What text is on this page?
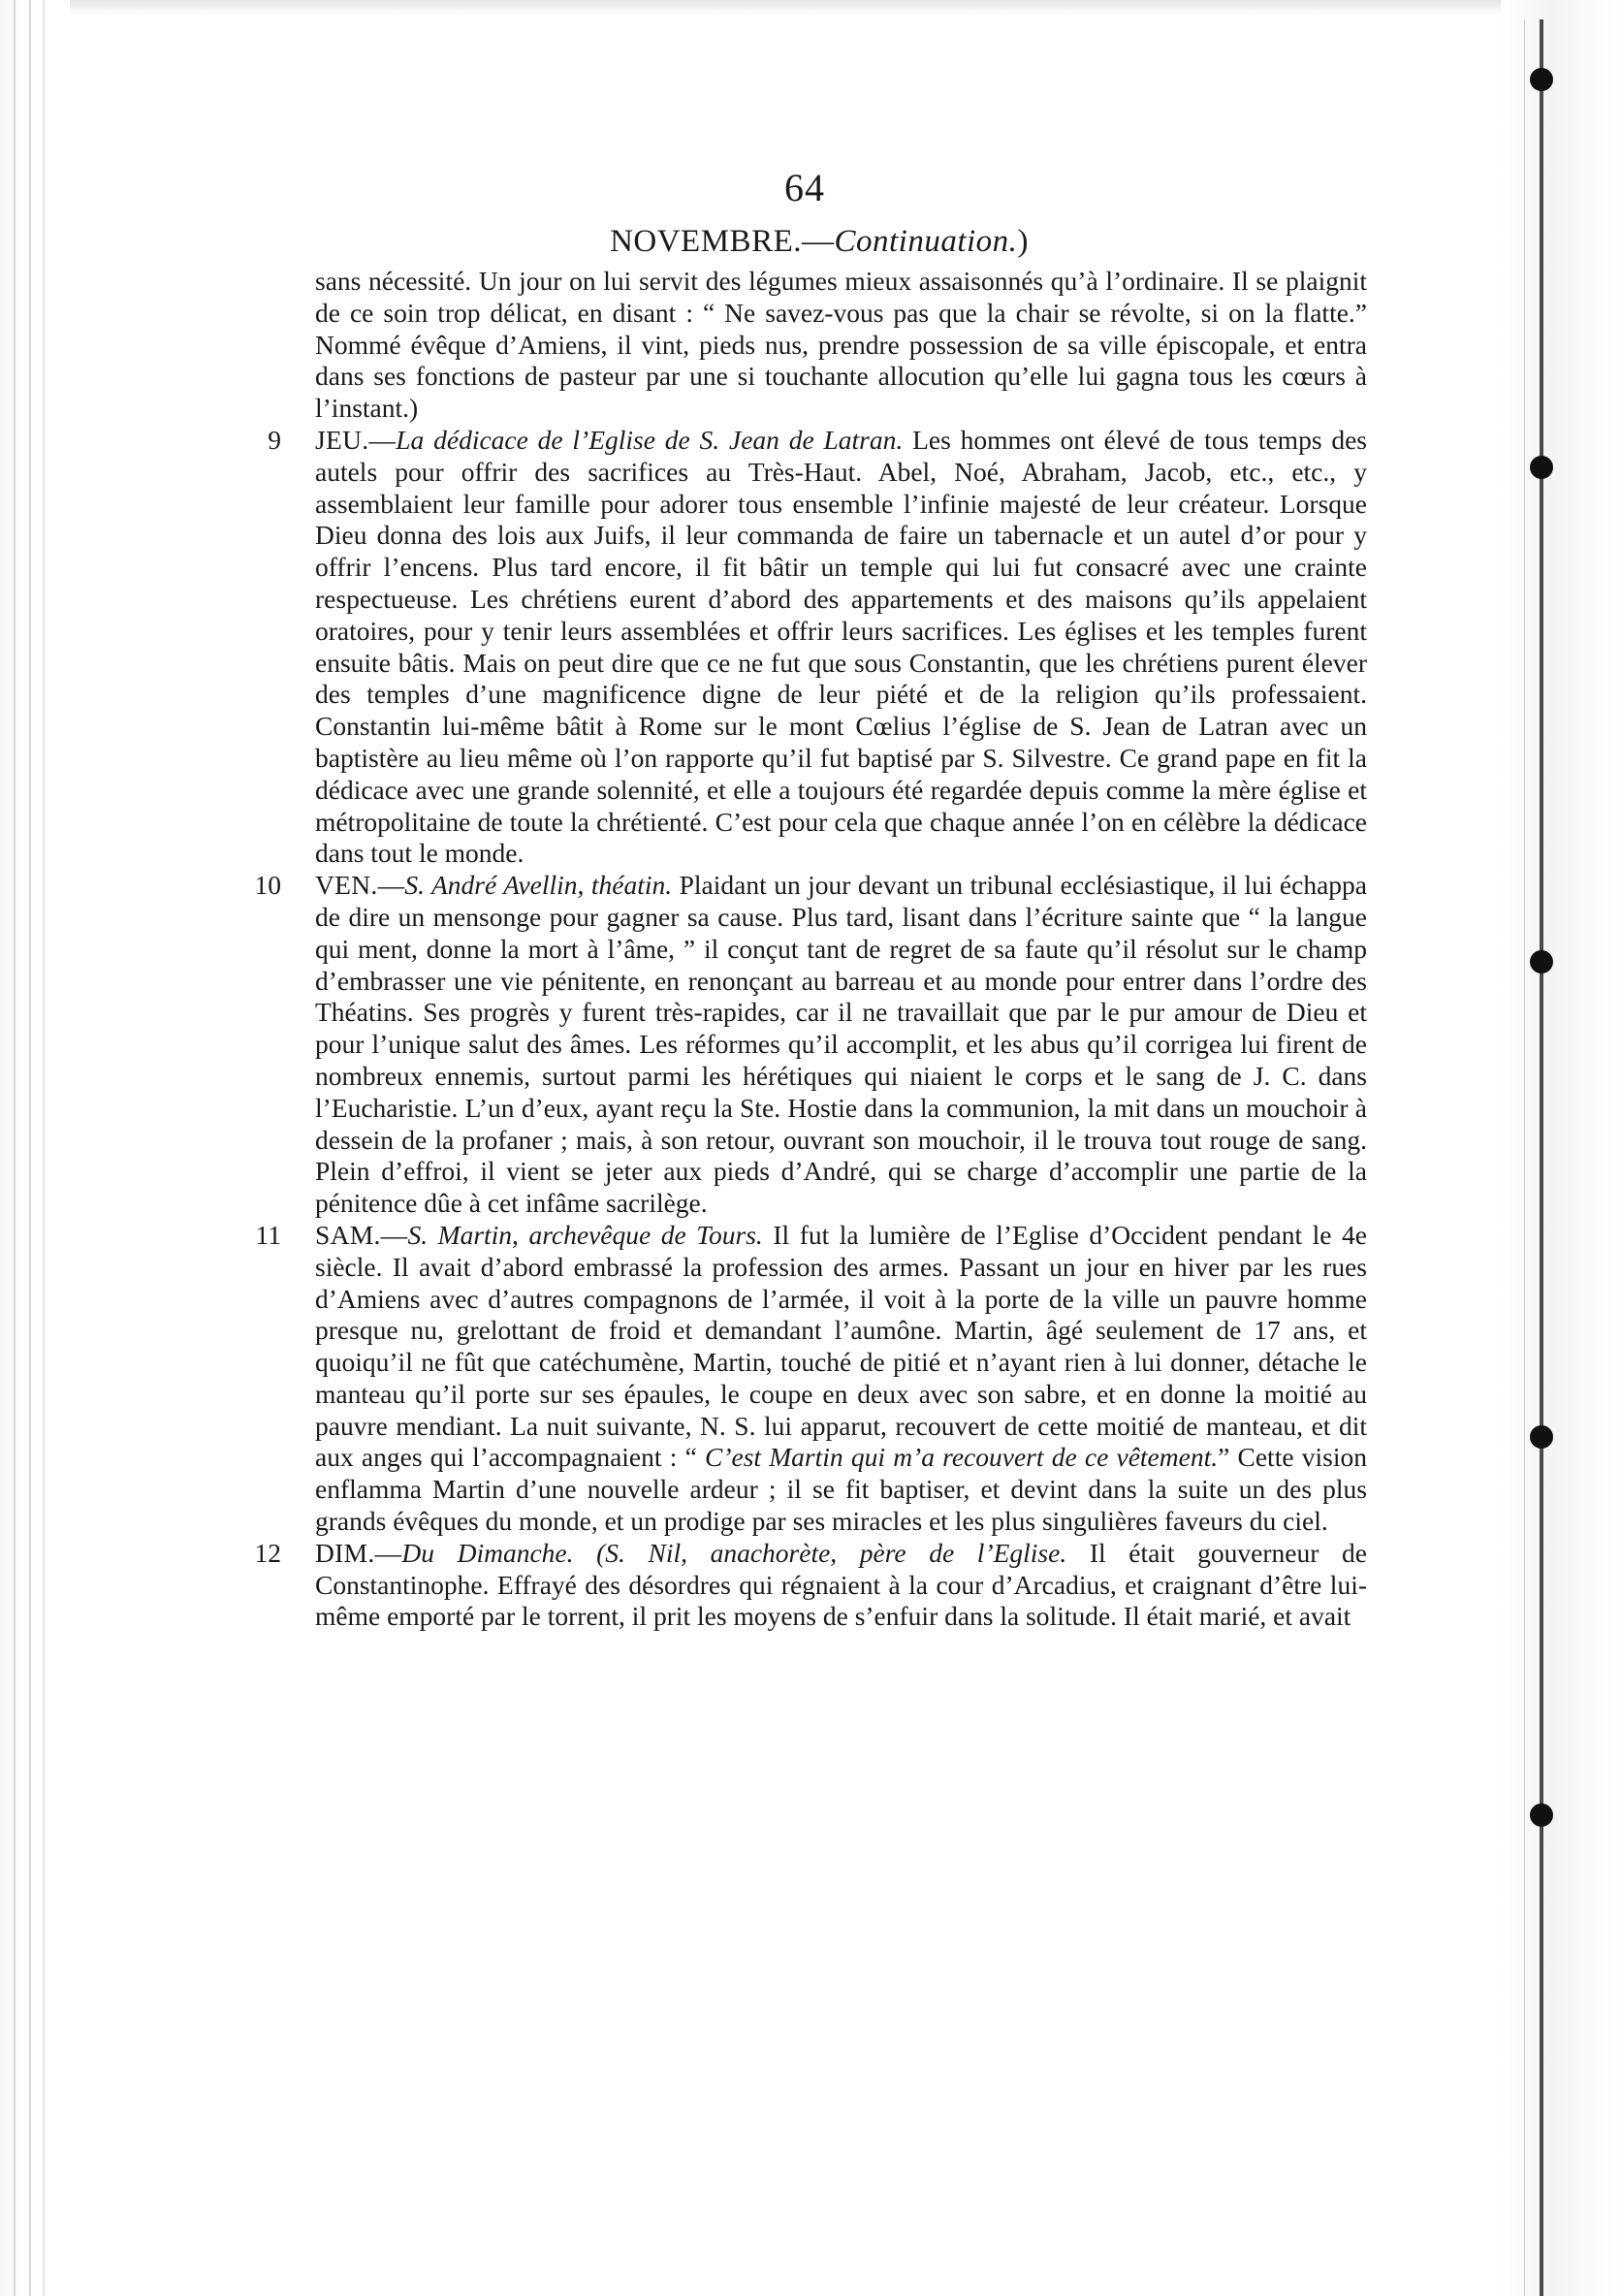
64
NOVEMBRE.—Continuation.)

sans nécessité. Un jour on lui servit des légumes mieux assaisonnés qu’à l’ordinaire. Il se plaignit de ce soin trop délicat, en disant : “ Ne savez-vous pas que la chair se révolte, si on la flatte.” Nommé évêque d’Amiens, il vint, pieds nus, prendre possession de sa ville épiscopale, et entra dans ses fonctions de pasteur par une si touchante allocution qu’elle lui gagna tous les cœurs à l’instant.)

9 JEU.—La dédicace de l’Eglise de S. Jean de Latran. Les hommes ont élevé de tous temps des autels pour offrir des sacrifices au Très-Haut. Abel, Noé, Abraham, Jacob, etc., etc., y assemblaient leur famille pour adorer tous ensemble l’infinie majesté de leur créateur. Lorsque Dieu donna des lois aux Juifs, il leur commanda de faire un tabernacle et un autel d’or pour y offrir l’encens. Plus tard encore, il fit bâtir un temple qui lui fut consacré avec une crainte respectueuse. Les chrétiens eurent d’abord des appartements et des maisons qu’ils appelaient oratoires, pour y tenir leurs assemblées et offrir leurs sacrifices. Les églises et les temples furent ensuite bâtis. Mais on peut dire que ce ne fut que sous Constantin, que les chrétiens purent élever des temples d’une magnificence digne de leur piété et de la religion qu’ils professaient. Constantin lui-même bâtit à Rome sur le mont Cœlius l’église de S. Jean de Latran avec un baptistère au lieu même où l’on rapporte qu’il fut baptisé par S. Silvestre. Ce grand pape en fit la dédicace avec une grande solennité, et elle a toujours été regardée depuis comme la mère église et métropolitaine de toute la chrétienté. C’est pour cela que chaque année l’on en célèbre la dédicace dans tout le monde.

10 VEN.—S. André Avellin, théatin. Plaidant un jour devant un tribunal ecclésiastique, il lui échappa de dire un mensonge pour gagner sa cause. Plus tard, lisant dans l’écriture sainte que “ la langue qui ment, donne la mort à l’âme, ” il conçut tant de regret de sa faute qu’il résolut sur le champ d’embrasser une vie pénitente, en renonçant au barreau et au monde pour entrer dans l’ordre des Théatins. Ses progrès y furent très-rapides, car il ne travaillait que par le pur amour de Dieu et pour l’unique salut des âmes. Les réformes qu’il accomplit, et les abus qu’il corrigea lui firent de nombreux ennemis, surtout parmi les hérétiques qui niaient le corps et le sang de J. C. dans l’Eucharistie. L’un d’eux, ayant reçu la Ste. Hostie dans la communion, la mit dans un mouchoir à dessein de la profaner ; mais, à son retour, ouvrant son mouchoir, il le trouva tout rouge de sang. Plein d’effroi, il vient se jeter aux pieds d’André, qui se charge d’accomplir une partie de la pénitence dûe à cet infâme sacrilège.

11 SAM.—S. Martin, archevêque de Tours. Il fut la lumière de l’Eglise d’Occident pendant le 4e siècle. Il avait d’abord embrassé la profession des armes. Passant un jour en hiver par les rues d’Amiens avec d’autres compagnons de l’armée, il voit à la porte de la ville un pauvre homme presque nu, grelottant de froid et demandant l’aumône. Martin, âgé seulement de 17 ans, et quoiqu’il ne fût que catéchumène, Martin, touché de pitié et n’ayant rien à lui donner, détache le manteau qu’il porte sur ses épaules, le coupe en deux avec son sabre, et en donne la moitié au pauvre mendiant. La nuit suivante, N. S. lui apparut, recouvert de cette moitié de manteau, et dit aux anges qui l’accompagnaient : “ C’est Martin qui m’a recouvert de ce vêtement.” Cette vision enflamma Martin d’une nouvelle ardeur ; il se fit baptiser, et devint dans la suite un des plus grands évêques du monde, et un prodige par ses miracles et les plus singulières faveurs du ciel.

12 DIM.—Du Dimanche. (S. Nil, anachorète, père de l’Eglise. Il était gouverneur de Constantinophe. Effrayé des désordres qui régnaient à la cour d’Arcadius, et craignant d’être lui-même emporté par le torrent, il prit les moyens de s’enfuir dans la solitude. Il était marié, et avait
